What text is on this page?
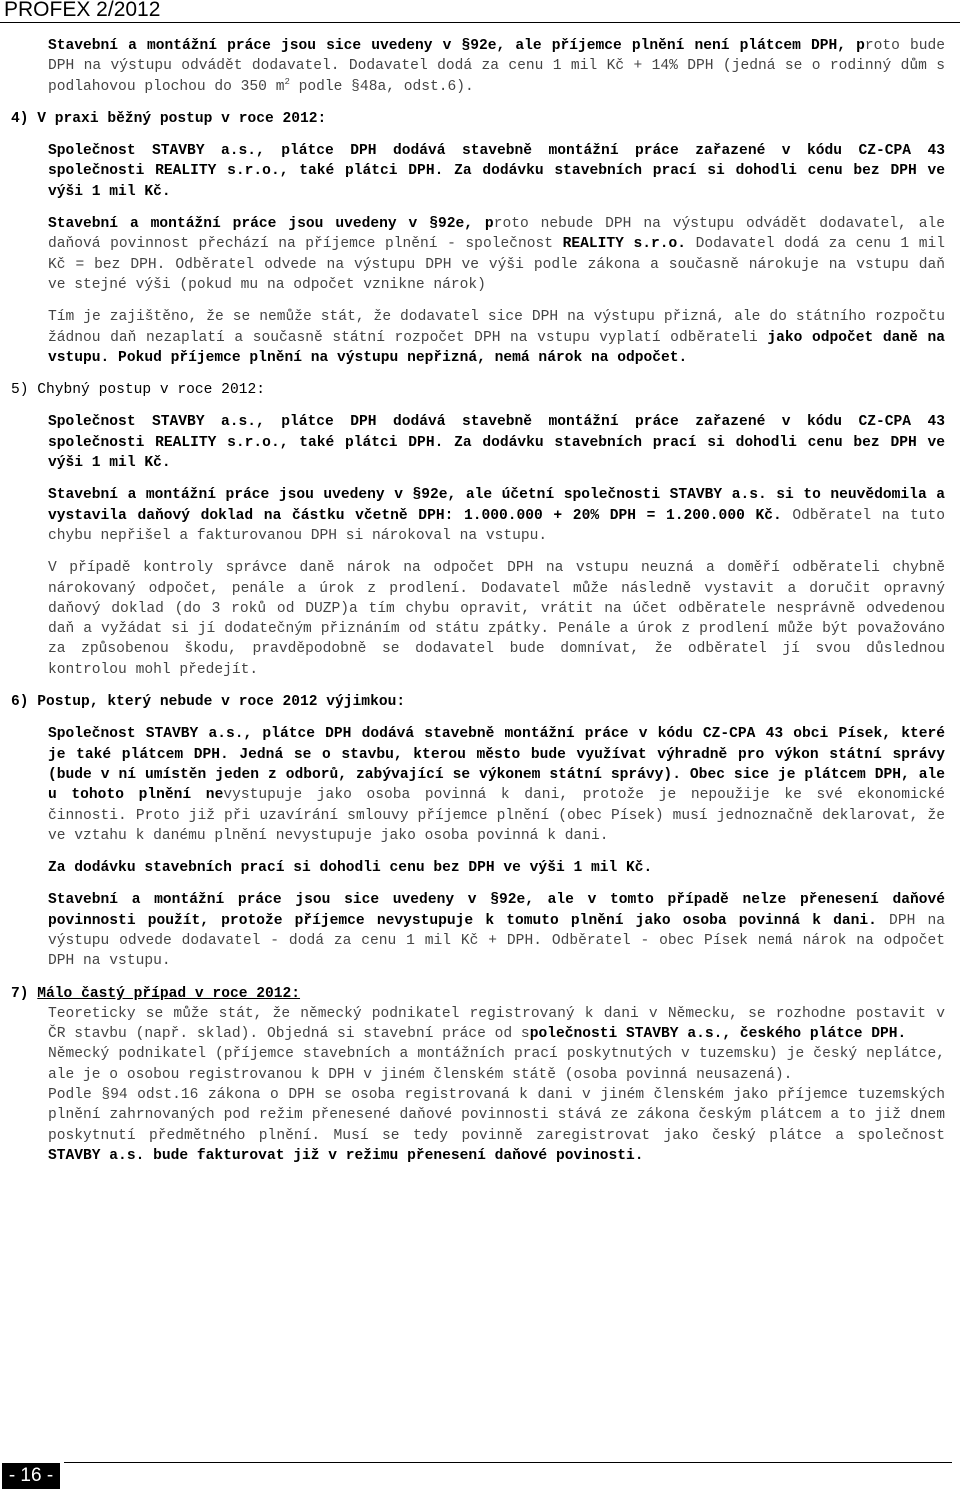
PROFEX 2/2012
Stavební a montážní práce jsou sice uvedeny v §92e, ale příjemce plnění není plátcem DPH, proto bude DPH na výstupu odvádět dodavatel. Dodavatel dodá za cenu 1 mil Kč + 14% DPH (jedná se o rodinný dům s podlahovou plochou do 350 $m^2$ podle §48a, odst.6).
4) V praxi běžný postup v roce 2012:
Společnost STAVBY a.s., plátce DPH dodává stavebně montážní práce zařazené v kódu CZ-CPA 43 společnosti REALITY s.r.o., také plátci DPH. Za dodávku stavebních prací si dohodli cenu bez DPH ve výši 1 mil Kč.
Stavební a montážní práce jsou uvedeny v §92e, proto nebude DPH na výstupu odvádět dodavatel, ale daňová povinnost přechází na příjemce plnění - společnost REALITY s.r.o. Dodavatel dodá za cenu 1 mil Kč = bez DPH. Odběratel odvede na výstupu DPH ve výši podle zákona a současně nárokuje na vstupu daň ve stejné výši (pokud mu na odpočet vznikne nárok)
Tím je zajištěno, že se nemůže stát, že dodavatel sice DPH na výstupu přizná, ale do státního rozpočtu žádnou daň nezaplatí a současně státní rozpočet DPH na vstupu vyplatí odběrateli jako odpočet daně na vstupu. Pokud příjemce plnění na výstupu nepřizná, nemá nárok na odpočet.
5) Chybný postup v roce 2012:
Společnost STAVBY a.s., plátce DPH dodává stavebně montážní práce zařazené v kódu CZ-CPA 43 společnosti REALITY s.r.o., také plátci DPH. Za dodávku stavebních prací si dohodli cenu bez DPH ve výši 1 mil Kč.
Stavební a montážní práce jsou uvedeny v §92e, ale účetní společnosti STAVBY a.s. si to neuvědomila a vystavila daňový doklad na částku včetně DPH: 1.000.000 + 20% DPH = 1.200.000 Kč. Odběratel na tuto chybu nepřišel a fakturovanou DPH si nárokoval na vstupu.
V případě kontroly správce daně nárok na odpočet DPH na vstupu neuzná a doměří odběrateli chybně nárokovaný odpočet, penále a úrok z prodlení. Dodavatel může následně vystavit a doručit opravný daňový doklad (do 3 roků od DUZP)a tím chybu opravit, vrátit na účet odběratele nesprávně odvedenou daň a vyžádat si jí dodatečným přiznáním od státu zpátky. Penále a úrok z prodlení může být považováno za způsobenou škodu, pravděpodobně se dodavatel bude domnívat, že odběratel jí svou důslednou kontrolou mohl předejít.
6) Postup, který nebude v roce 2012 výjimkou:
Společnost STAVBY a.s., plátce DPH dodává stavebně montážní práce v kódu CZ-CPA 43 obci Písek, které je také plátcem DPH. Jedná se o stavbu, kterou město bude využívat výhradně pro výkon státní správy (bude v ní umístěn jeden z odborů, zabývající se výkonem státní správy). Obec sice je plátcem DPH, ale u tohoto plnění nevystupuje jako osoba povinná k dani, protože je nepoužije ke své ekonomické činnosti. Proto již při uzavírání smlouvy příjemce plnění (obec Písek) musí jednoznačně deklarovat, že ve vztahu k danému plnění nevystupuje jako osoba povinná k dani.
Za dodávku stavebních prací si dohodli cenu bez DPH ve výši 1 mil Kč.
Stavební a montážní práce jsou sice uvedeny v §92e, ale v tomto případě nelze přenesení daňové povinnosti použít, protože příjemce nevystupuje k tomuto plnění jako osoba povinná k dani. DPH na výstupu odvede dodavatel - dodá za cenu 1 mil Kč + DPH. Odběratel - obec Písek nemá nárok na odpočet DPH na vstupu.
7) Málo častý případ v roce 2012:
Teoreticky se může stát, že německý podnikatel registrovaný k dani v Německu, se rozhodne postavit v ČR stavbu (např. sklad). Objedná si stavební práce od společnosti STAVBY a.s., českého plátce DPH.
Německý podnikatel (příjemce stavebních a montážních prací poskytnutých v tuzemsku) je český neplátce, ale je o osobou registrovanou k DPH v jiném členském státě (osoba povinná neusazená).
Podle §94 odst.16 zákona o DPH se osoba registrovaná k dani v jiném členském jako příjemce tuzemských plnění zahrnovaných pod režim přenesené daňové povinnosti stává ze zákona českým plátcem a to již dnem poskytnutí předmětného plnění. Musí se tedy povinně zaregistrovat jako český plátce a společnost STAVBY a.s. bude fakturovat již v režimu přenesení daňové povinosti.
- 16 -
